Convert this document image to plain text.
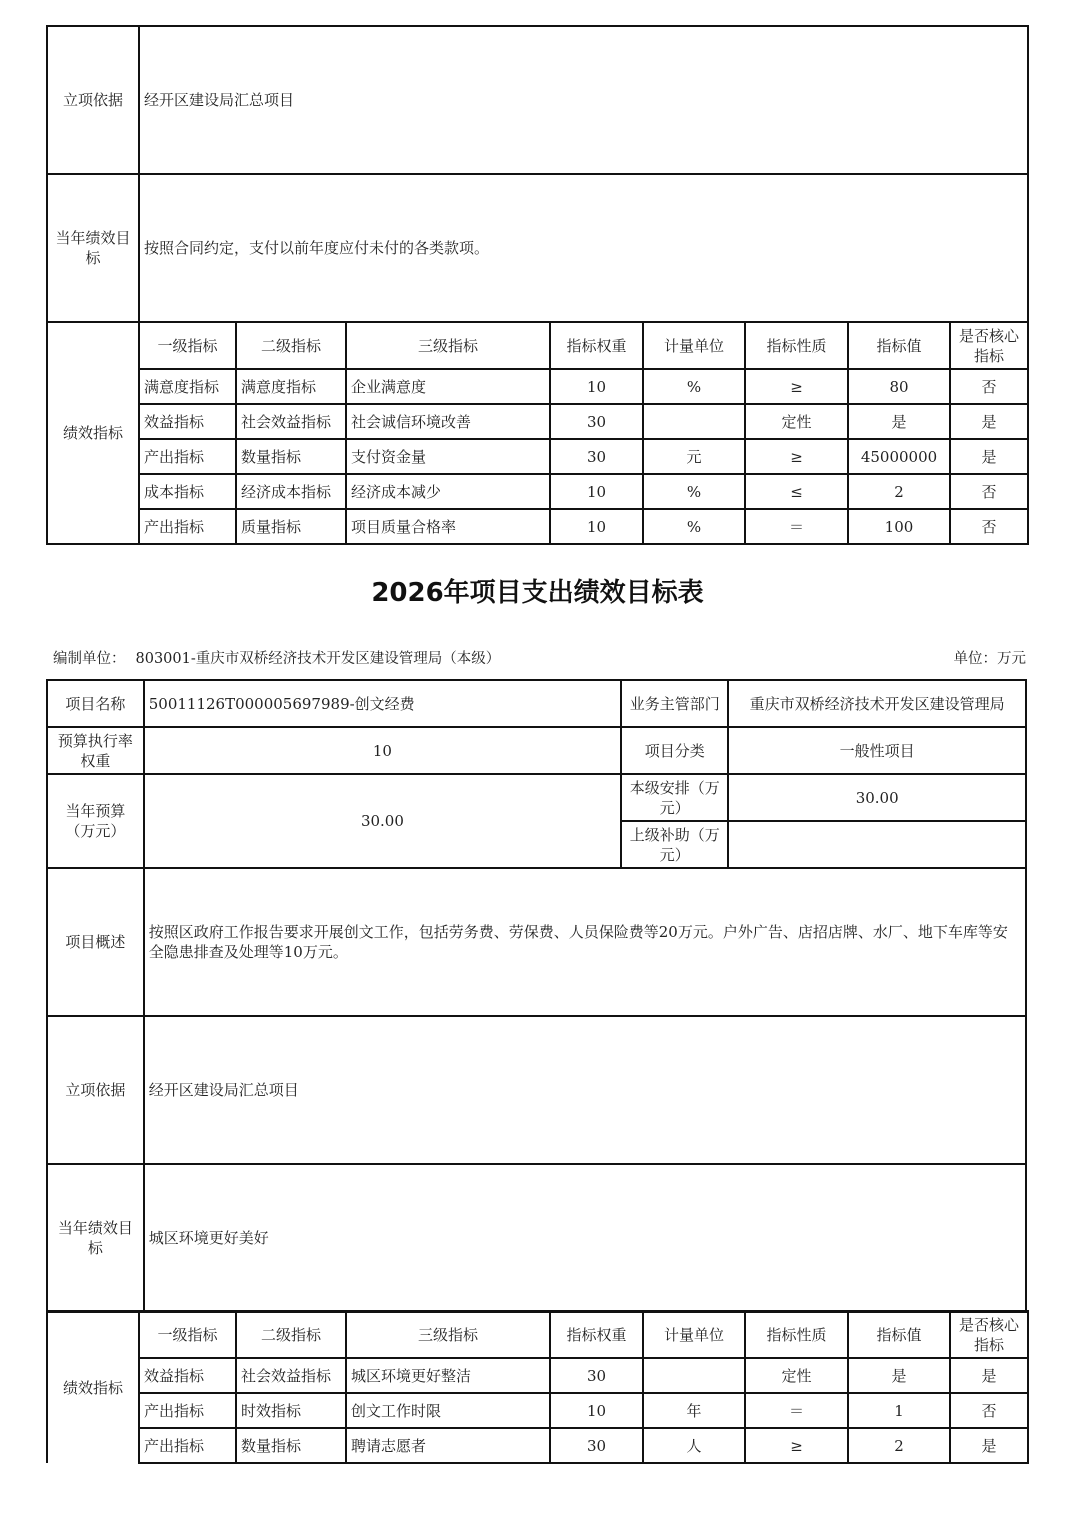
立项依据	经开区建设局汇总项目							
当年绩效目标	按照合同约定，支付以前年度应付未付的各类款项。							
绩效指标	一级指标	二级指标	三级指标	指标权重	计量单位	指标性质	指标值	是否核心指标
	满意度指标	满意度指标	企业满意度	10	%	≥	80	否
	效益指标	社会效益指标	社会诚信环境改善	30		定性	是	是
	产出指标	数量指标	支付资金量	30	元	≥	45000000	是
	成本指标	经济成本指标	经济成本减少	10	%	≤	2	否
	产出指标	质量指标	项目质量合格率	10	%	＝	100	否
2026年项目支出绩效目标表
编制单位： 803001-重庆市双桥经济技术开发区建设管理局（本级）	单位：万元
项目名称	50011126T000005697989-创文经费	业务主管部门	重庆市双桥经济技术开发区建设管理局
预算执行率权重	10	项目分类	一般性项目
当年预算（万元）	30.00	本级安排（万元）	30.00
		上级补助（万元）	
项目概述	按照区政府工作报告要求开展创文工作，包括劳务费、劳保费、人员保险费等20万元。户外广告、店招店牌、水厂、地下车库等安全隐患排查及处理等10万元。		
立项依据	经开区建设局汇总项目		
当年绩效目标	城区环境更好美好		
绩效指标	一级指标	二级指标	三级指标	指标权重	计量单位	指标性质	指标值	是否核心指标
	效益指标	社会效益指标	城区环境更好整洁	30		定性	是	是
	产出指标	时效指标	创文工作时限	10	年	＝	1	否
	产出指标	数量指标	聘请志愿者	30	人	≥	2	是
